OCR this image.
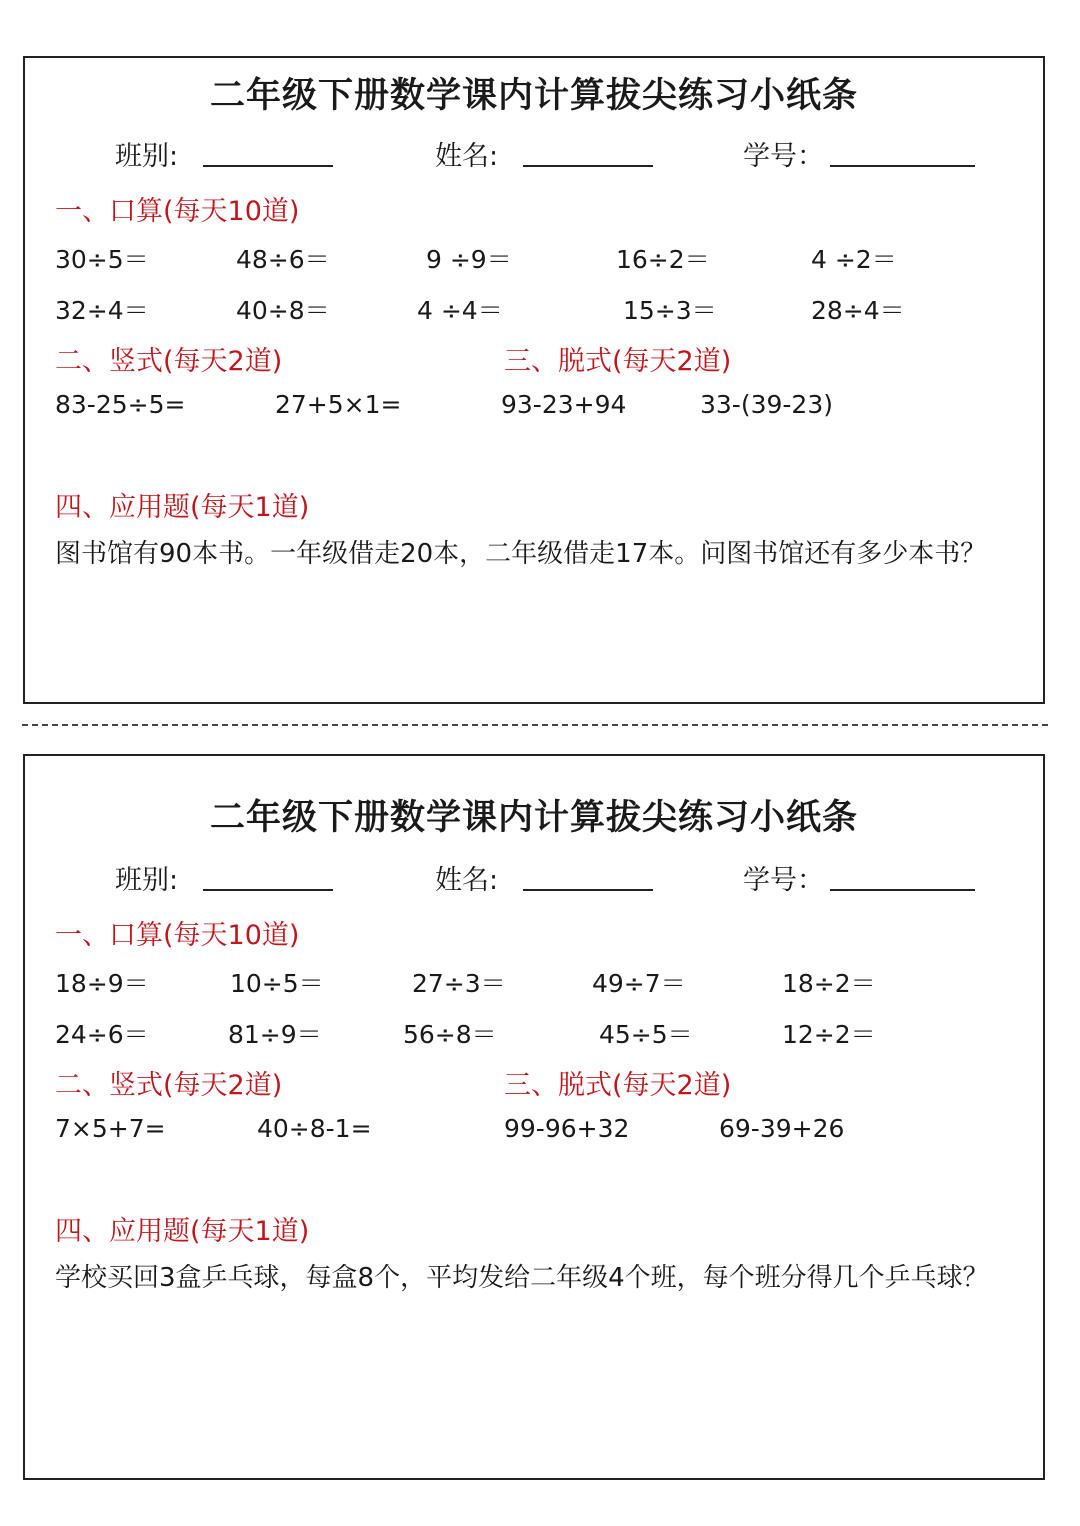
二年级下册数学课内计算拔尖练习小纸条
班别:	姓名:	学号：
一、口算(每天10道)
30÷5＝	48÷6＝	9 ÷9＝	16÷2＝	4 ÷2＝
32÷4＝	40÷8＝	4 ÷4＝	15÷3＝	28÷4＝
二、竖式(每天2道)	三、脱式(每天2道)
83-25÷5=	27+5×1=	93-23+94	33-(39-23)
四、应用题(每天1道)
图书馆有90本书。一年级借走20本，二年级借走17本。问图书馆还有多少本书？
二年级下册数学课内计算拔尖练习小纸条
班别:	姓名:	学号：
一、口算(每天10道)
18÷9＝	10÷5＝	27÷3＝	49÷7＝	18÷2＝
24÷6＝	81÷9＝	56÷8＝	45÷5＝	12÷2＝
二、竖式(每天2道)	三、脱式(每天2道)
7×5+7=	40÷8-1=	99-96+32	69-39+26
四、应用题(每天1道)
学校买回3盒乒乓球，每盒8个，平均发给二年级4个班，每个班分得几个乒乓球？
